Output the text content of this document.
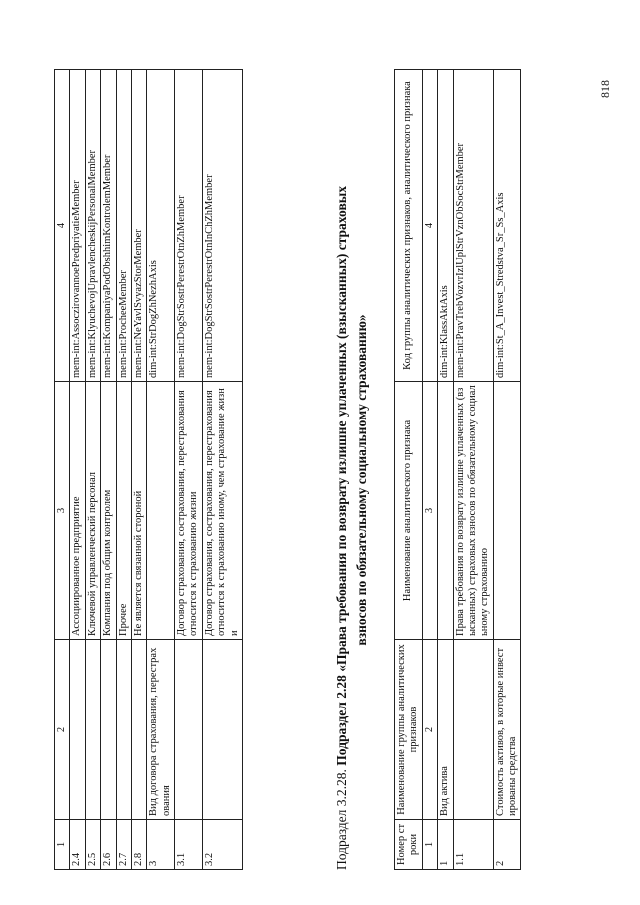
818
1	2	3	4
2.4		Ассоциированное предприятие	mem-int:AssoczirovannoePredpriyatieMember
2.5		Ключевой управленческий персонал	mem-int:KlyuchevojUpravlencheskijPersonalMember
2.6		Компания под общим контролем	mem-int:KompaniyaPodObshhimKontrolemMember
2.7		Прочее	mem-int:ProcheeMember
2.8		Не является связанной стороной	mem-int:NeYavlSvyazStorMember
3	Вид договора страхования, перестрахования		dim-int:StrDogZhNezhAxis
3.1		Договор страхования, сострахования, перестрахования относится к страхованию жизни	mem-int:DogStrSostrPerestrOtnZhMember
3.2		Договор страхования, сострахования, перестрахования относится к страхованию иному, чем страхование жизни	mem-int:DogStrSostrPerestrOtnInChZhMember
Подраздел 3.2.28. Подраздел 2.28 «Права требования по возврату излишне уплаченных (взысканных) страховых взносов по обязательному социальному страхованию»
Номер строки	Наименование группы аналитических признаков	Наименование аналитического признака	Код группы аналитических признаков, аналитического признака
1	2	3	4
1	Вид актива		dim-int:KlassAktAxis
1.1		Права требования по возврату излишне уплаченных (взысканных) страховых взносов по обязательному социальному страхованию	mem-int:PravTrebVozvrIzlUplStrVznObSocStrMember
2	Стоимость активов, в которые инвестированы средства		dim-int:St_A_Invest_Stredstva_Sr_Ss_Axis
